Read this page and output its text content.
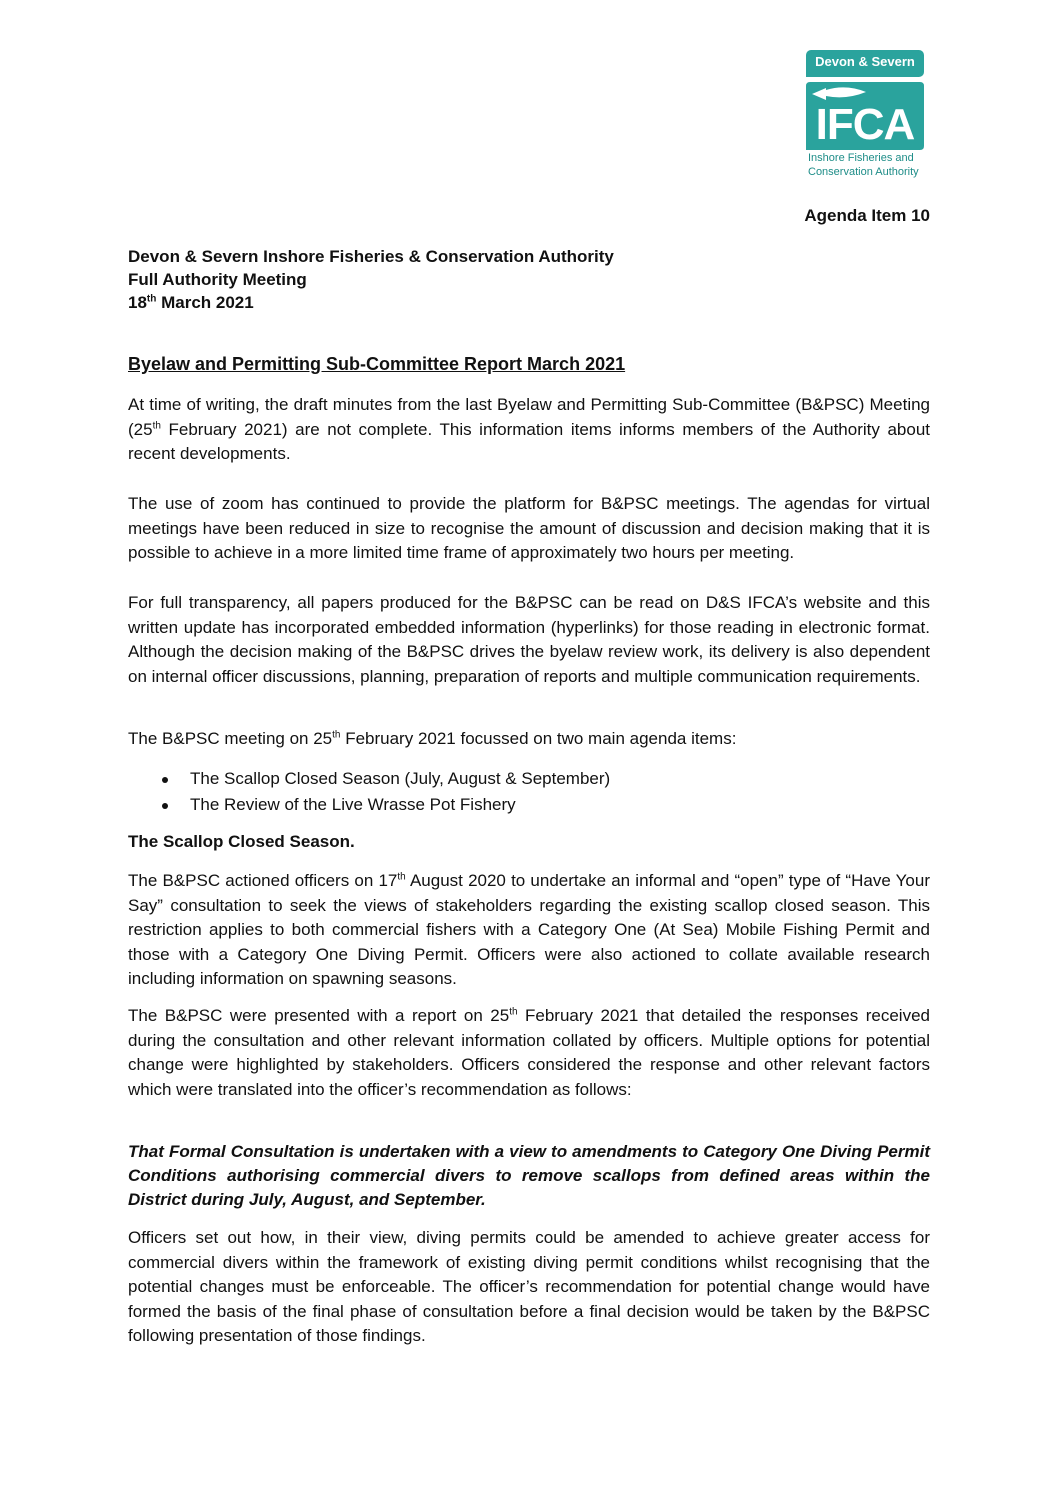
Devon & Severn
IFCA
Inshore Fisheries and
Conservation Authority
Agenda Item 10
Devon & Severn Inshore Fisheries & Conservation Authority
Full Authority Meeting
18th March 2021
Byelaw and Permitting Sub-Committee Report March 2021
At time of writing, the draft minutes from the last Byelaw and Permitting Sub-Committee (B&PSC) Meeting (25th February 2021) are not complete. This information items informs members of the Authority about recent developments.
The use of zoom has continued to provide the platform for B&PSC meetings. The agendas for virtual meetings have been reduced in size to recognise the amount of discussion and decision making that it is possible to achieve in a more limited time frame of approximately two hours per meeting.
For full transparency, all papers produced for the B&PSC can be read on D&S IFCA’s website and this written update has incorporated embedded information (hyperlinks) for those reading in electronic format. Although the decision making of the B&PSC drives the byelaw review work, its delivery is also dependent on internal officer discussions, planning, preparation of reports and multiple communication requirements.
The B&PSC meeting on 25th February 2021 focussed on two main agenda items:
The Scallop Closed Season (July, August & September)
The Review of the Live Wrasse Pot Fishery
The Scallop Closed Season.
The B&PSC actioned officers on 17th August 2020 to undertake an informal and “open” type of “Have Your Say” consultation to seek the views of stakeholders regarding the existing scallop closed season. This restriction applies to both commercial fishers with a Category One (At Sea) Mobile Fishing Permit and those with a Category One Diving Permit. Officers were also actioned to collate available research including information on spawning seasons.
The B&PSC were presented with a report on 25th February 2021 that detailed the responses received during the consultation and other relevant information collated by officers. Multiple options for potential change were highlighted by stakeholders. Officers considered the response and other relevant factors which were translated into the officer’s recommendation as follows:
That Formal Consultation is undertaken with a view to amendments to Category One Diving Permit Conditions authorising commercial divers to remove scallops from defined areas within the District during July, August, and September.
Officers set out how, in their view, diving permits could be amended to achieve greater access for commercial divers within the framework of existing diving permit conditions whilst recognising that the potential changes must be enforceable. The officer’s recommendation for potential change would have formed the basis of the final phase of consultation before a final decision would be taken by the B&PSC following presentation of those findings.
